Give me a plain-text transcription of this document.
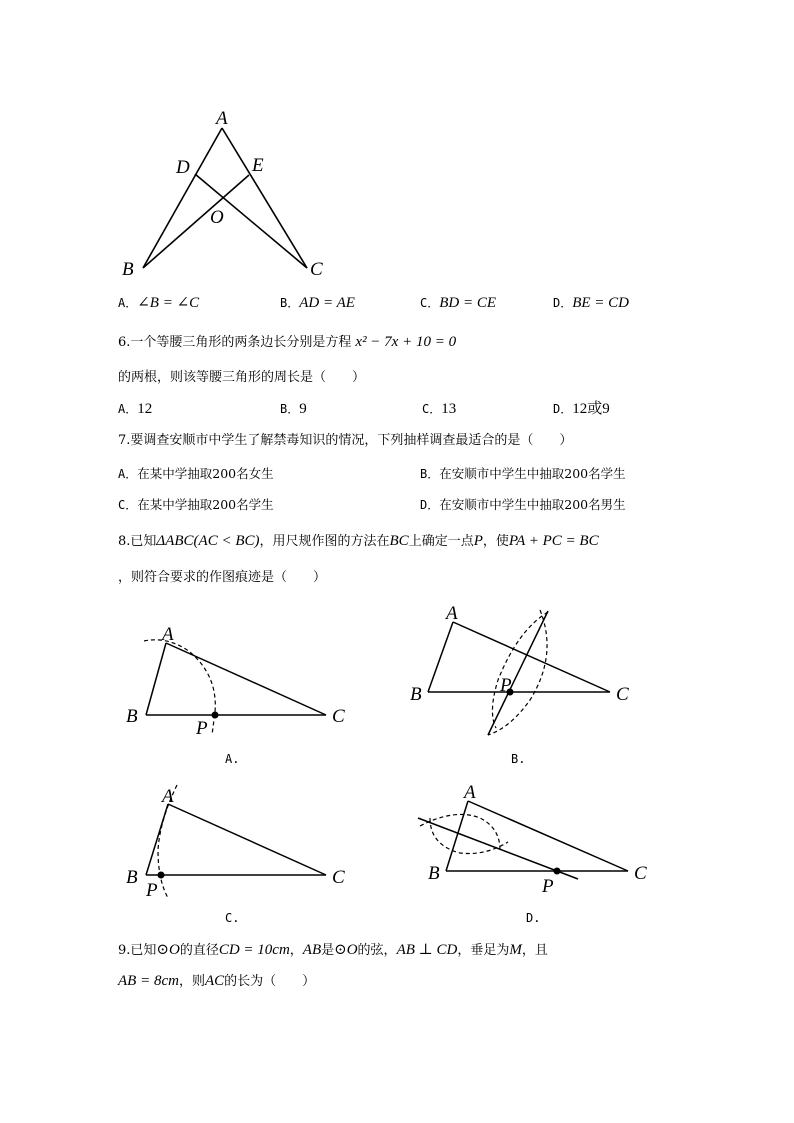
A
D	E
O
B	C
A．∠B = ∠C	B．AD = AE	C．BD = CE	D．BE = CD
6.一个等腰三角形的两条边长分别是方程 x² − 7x + 10 = 0
的两根，则该等腰三角形的周长是（　　）
A．12	B．9	C．13	D．12或9
7.要调查安顺市中学生了解禁毒知识的情况，下列抽样调查最适合的是（　　）
A．在某中学抽取200名女生	B．在安顺市中学生中抽取200名学生
C．在某中学抽取200名学生	D．在安顺市中学生中抽取200名男生
8.已知ΔABC(AC < BC)，用尺规作图的方法在BC上确定一点P，使PA + PC = BC
，则符合要求的作图痕迹是（　　）
A
B	C
P
A
B	C
P
A
B	C
P
A
B	C
P
A.	B.
C.	D.
9.已知⊙O的直径CD = 10cm，AB是⊙O的弦，AB ⊥ CD，垂足为M，且
AB = 8cm，则AC的长为（　　）
